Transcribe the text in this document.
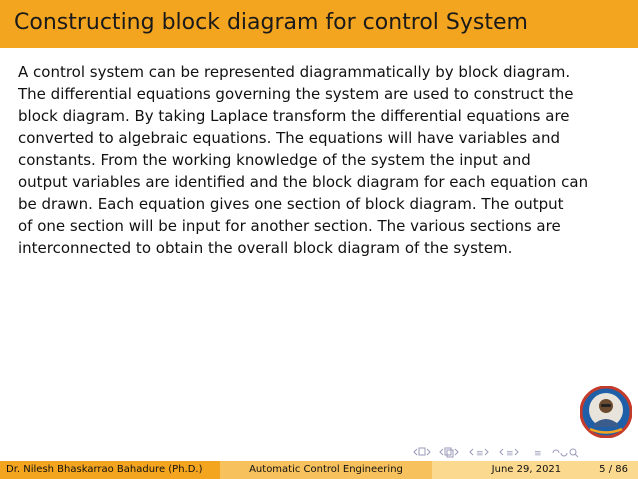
Constructing block diagram for control System
A control system can be represented diagrammatically by block diagram.
The differential equations governing the system are used to construct the
block diagram. By taking Laplace transform the differential equations are
converted to algebraic equations. The equations will have variables and
constants. From the working knowledge of the system the input and
output variables are identified and the block diagram for each equation can
be drawn. Each equation gives one section of block diagram. The output
of one section will be input for another section. The various sections are
interconnected to obtain the overall block diagram of the system.
≡ ≡ ≡
Dr. Nilesh Bhaskarrao Bahadure (Ph.D.)	Automatic Control Engineering	June 29, 2021	5 / 86
